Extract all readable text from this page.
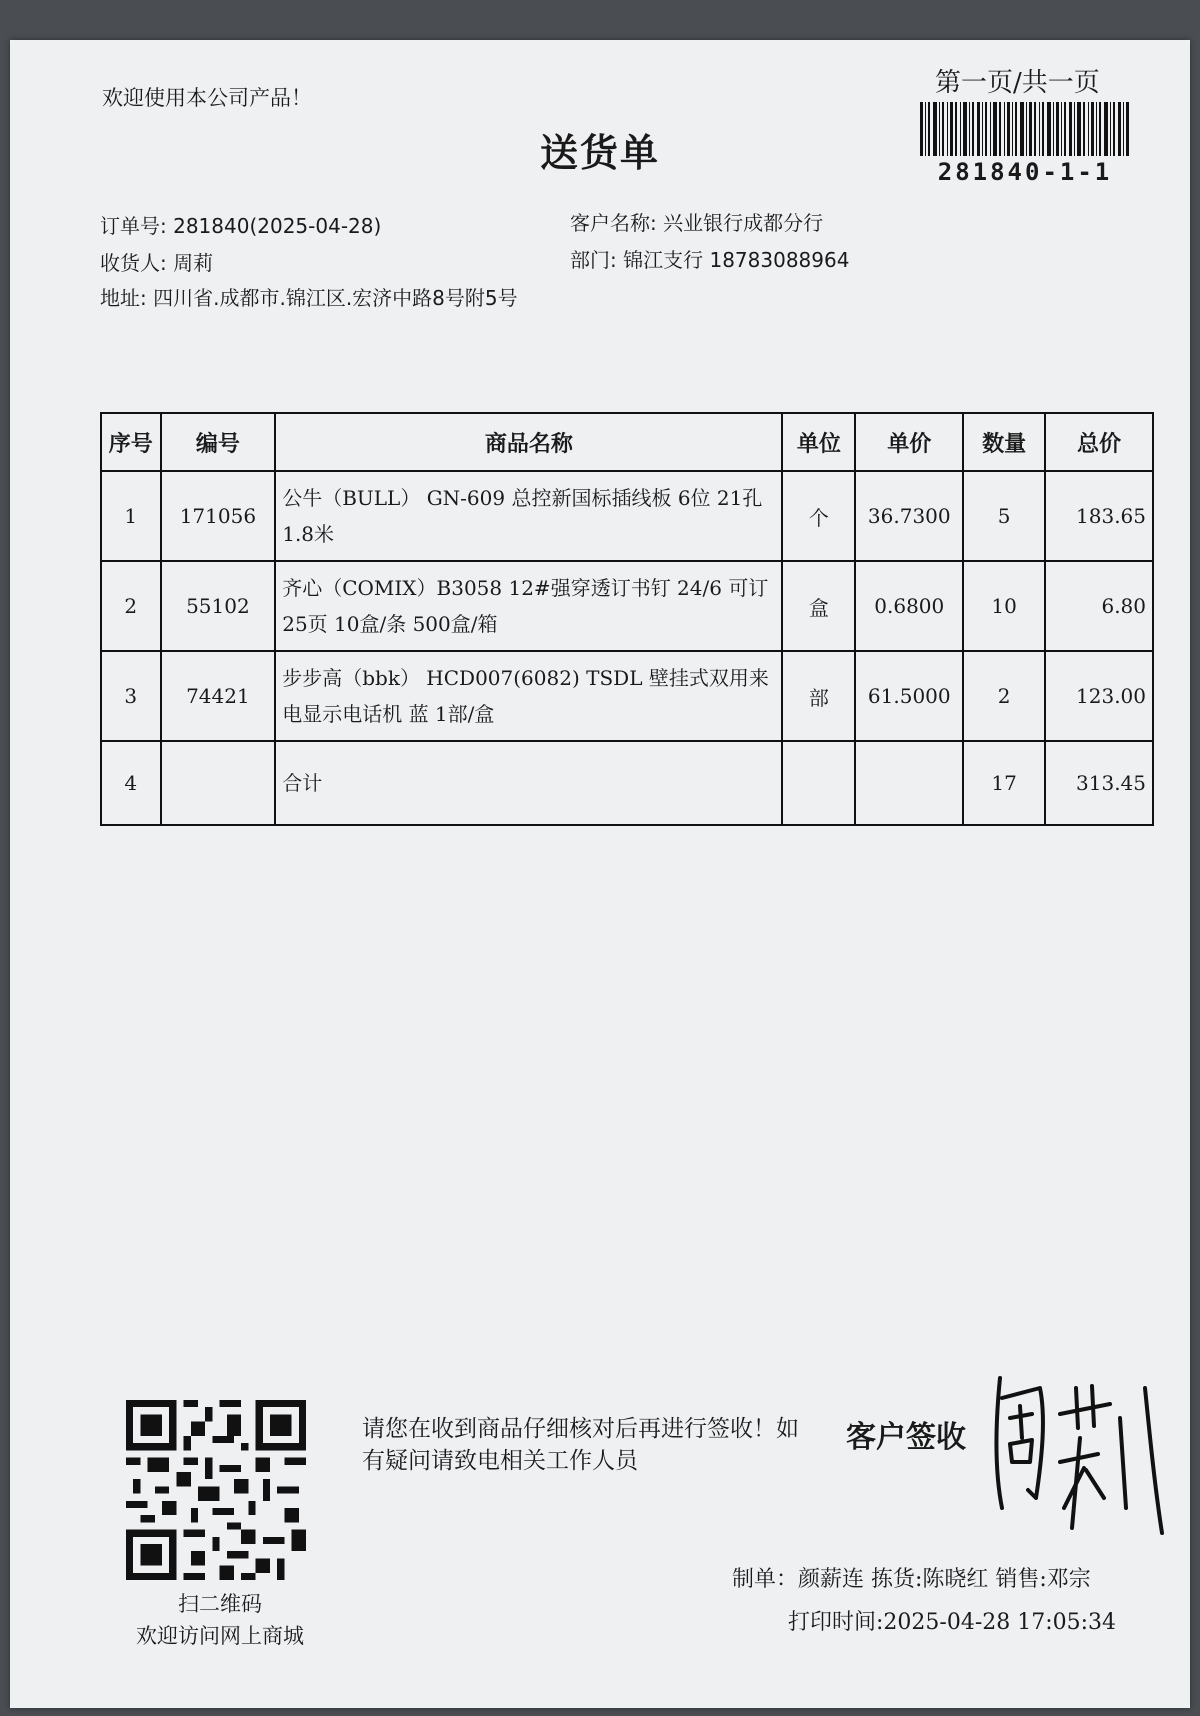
欢迎使用本公司产品！
送货单
第一页/共一页
281840-1-1
订单号: 281840(2025-04-28)
收货人: 周莉
地址: 四川省.成都市.锦江区.宏济中路8号附5号
客户名称: 兴业银行成都分行
部门: 锦江支行 18783088964
序号	编号	商品名称	单位	单价	数量	总价
1	171056	公牛（BULL） GN-609 总控新国标插线板 6位 21孔 1.8米	个	36.7300	5	183.65
2	55102	齐心（COMIX）B3058 12#强穿透订书钉 24/6 可订25页 10盒/条 500盒/箱	盒	0.6800	10	6.80
3	74421	步步高（bbk） HCD007(6082) TSDL 壁挂式双用来电显示电话机 蓝 1部/盒	部	61.5000	2	123.00
4		合计			17	313.45
扫二维码
欢迎访问网上商城
请您在收到商品仔细核对后再进行签收！如有疑问请致电相关工作人员
客户签收
制单：颜薪连 拣货:陈晓红 销售:邓宗
打印时间:2025-04-28 17:05:34
